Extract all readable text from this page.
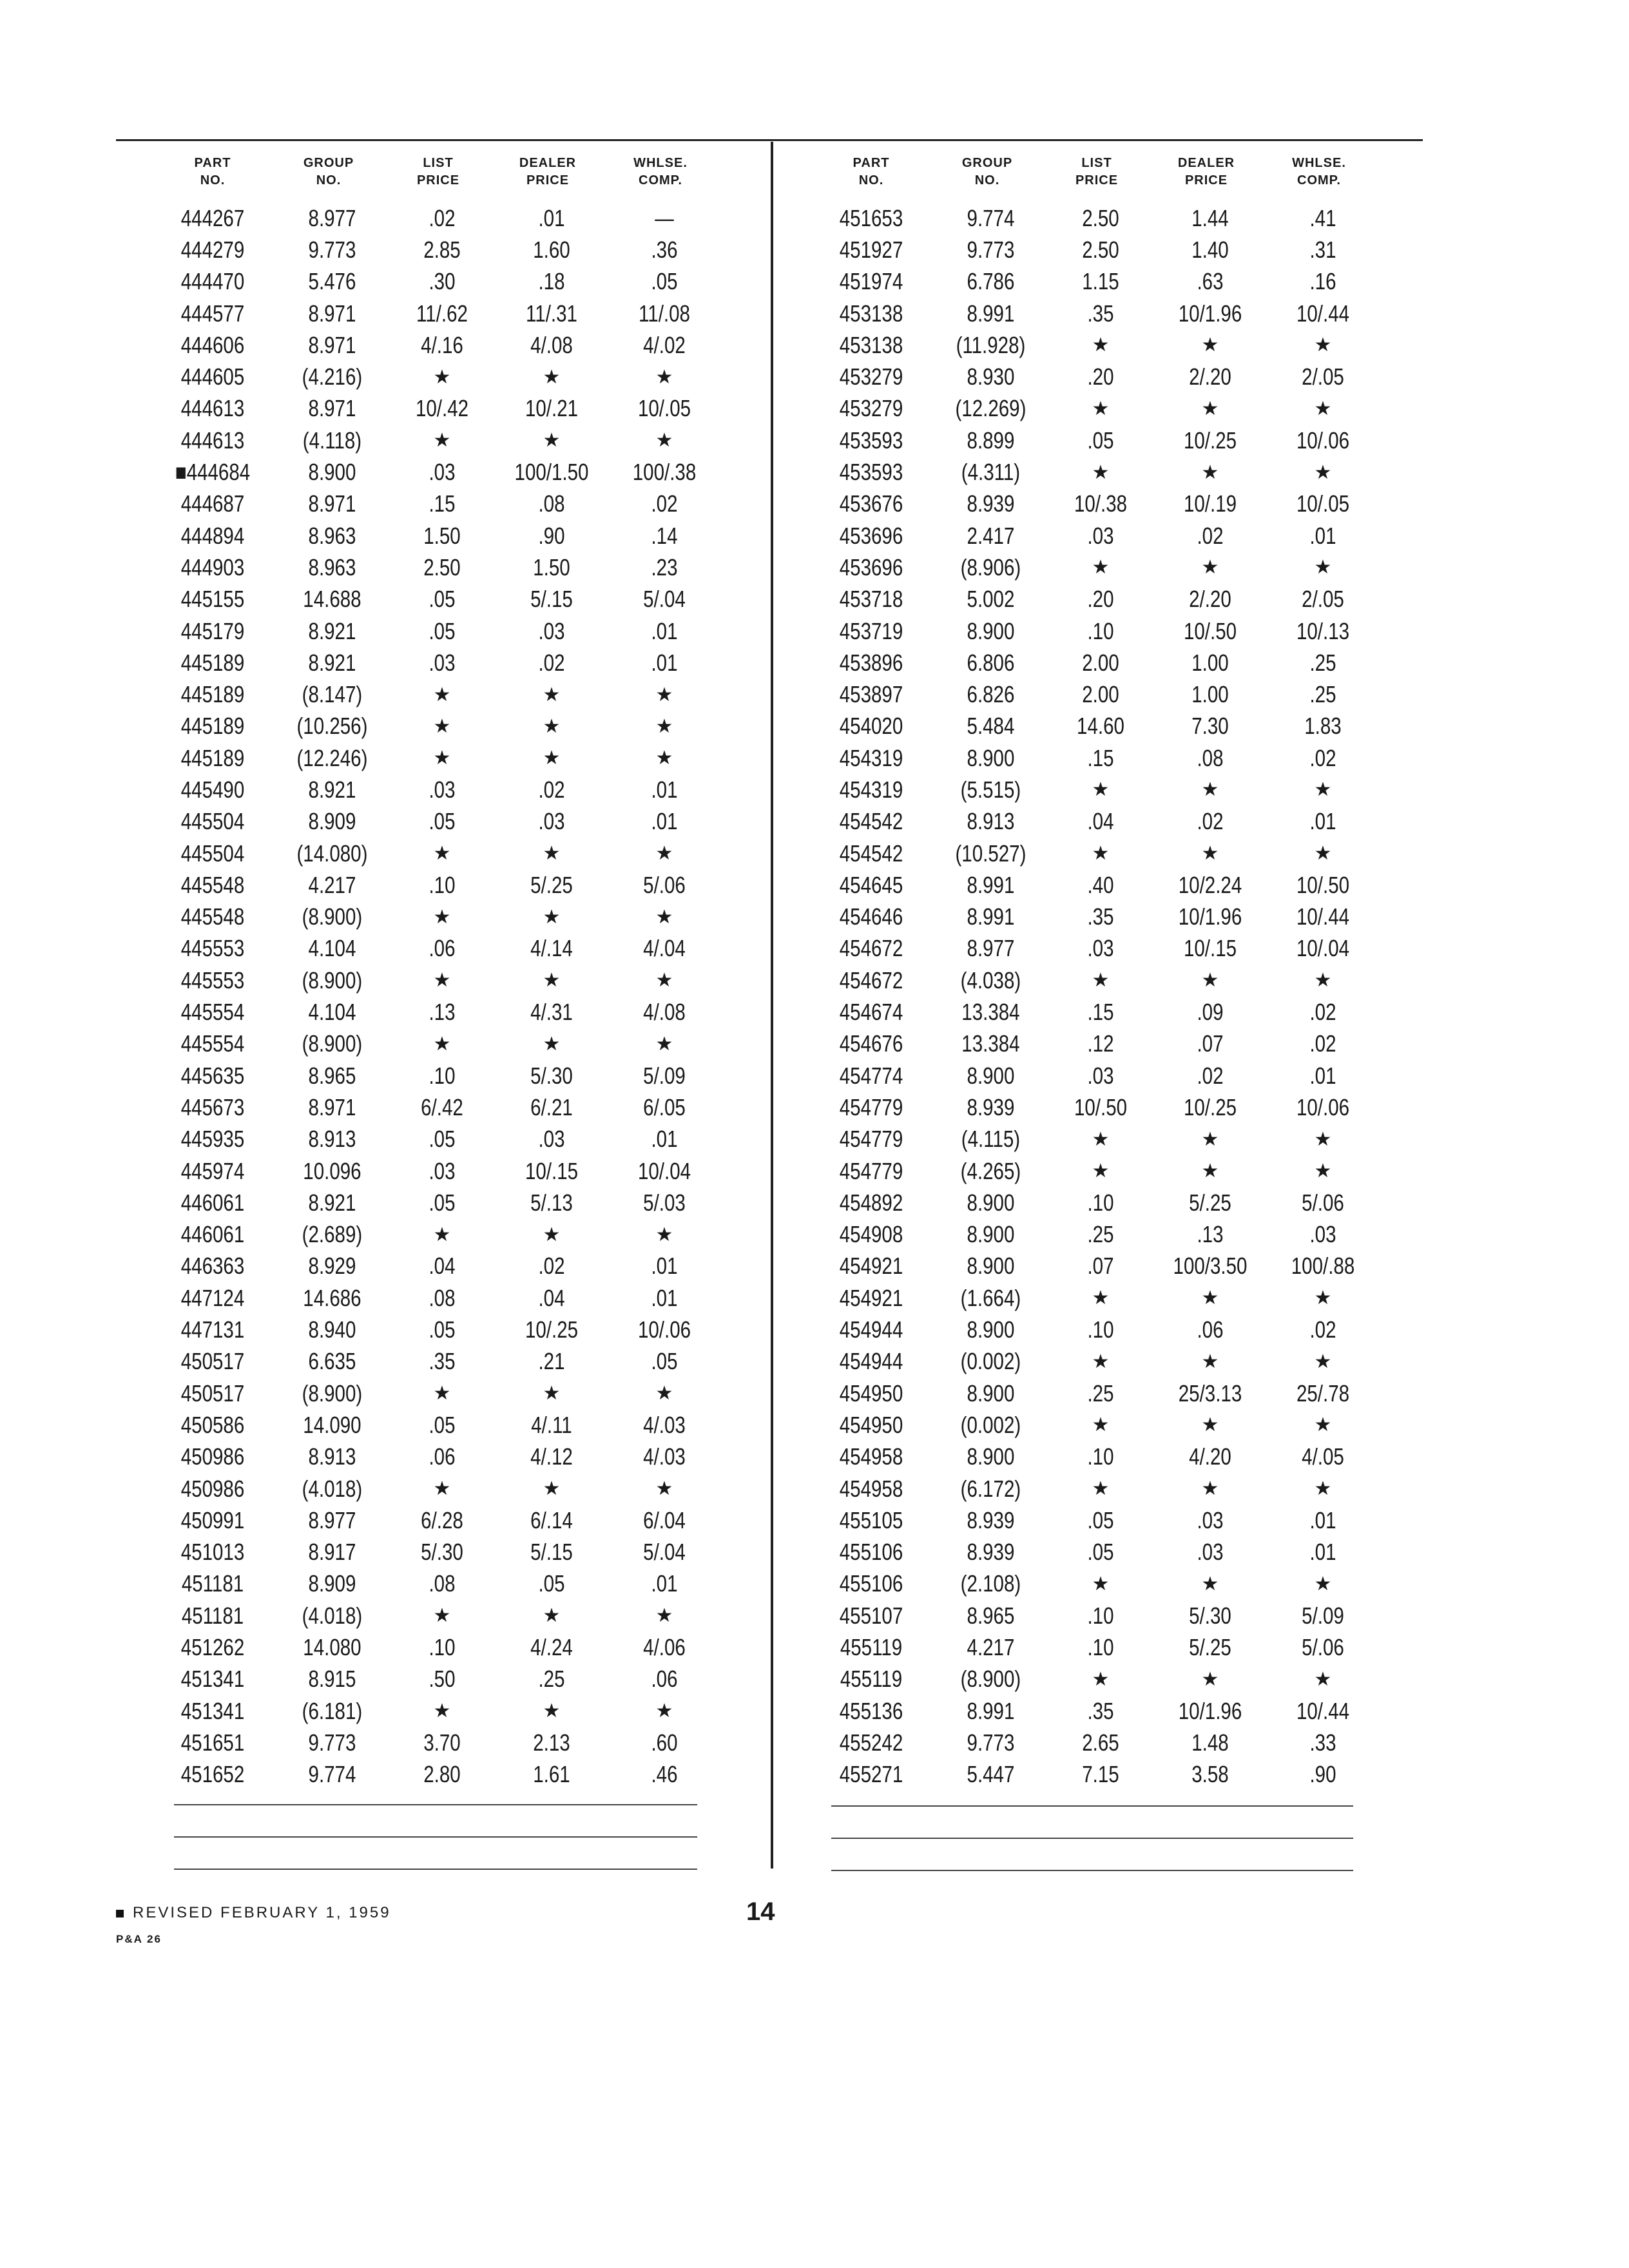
PART
NO.
GROUP
NO.
LIST
PRICE
DEALER
PRICE
WHLSE.
COMP.
444267	8.977	.02	.01	—
444279	9.773	2.85	1.60	.36
444470	5.476	.30	.18	.05
444577	8.971	11/.62	11/.31	11/.08
444606	8.971	4/.16	4/.08	4/.02
444605	(4.216)	★	★	★
444613	8.971	10/.42	10/.21	10/.05
444613	(4.118)	★	★	★
■444684	8.900	.03	100/1.50	100/.38
444687	8.971	.15	.08	.02
444894	8.963	1.50	.90	.14
444903	8.963	2.50	1.50	.23
445155	14.688	.05	5/.15	5/.04
445179	8.921	.05	.03	.01
445189	8.921	.03	.02	.01
445189	(8.147)	★	★	★
445189	(10.256)	★	★	★
445189	(12.246)	★	★	★
445490	8.921	.03	.02	.01
445504	8.909	.05	.03	.01
445504	(14.080)	★	★	★
445548	4.217	.10	5/.25	5/.06
445548	(8.900)	★	★	★
445553	4.104	.06	4/.14	4/.04
445553	(8.900)	★	★	★
445554	4.104	.13	4/.31	4/.08
445554	(8.900)	★	★	★
445635	8.965	.10	5/.30	5/.09
445673	8.971	6/.42	6/.21	6/.05
445935	8.913	.05	.03	.01
445974	10.096	.03	10/.15	10/.04
446061	8.921	.05	5/.13	5/.03
446061	(2.689)	★	★	★
446363	8.929	.04	.02	.01
447124	14.686	.08	.04	.01
447131	8.940	.05	10/.25	10/.06
450517	6.635	.35	.21	.05
450517	(8.900)	★	★	★
450586	14.090	.05	4/.11	4/.03
450986	8.913	.06	4/.12	4/.03
450986	(4.018)	★	★	★
450991	8.977	6/.28	6/.14	6/.04
451013	8.917	5/.30	5/.15	5/.04
451181	8.909	.08	.05	.01
451181	(4.018)	★	★	★
451262	14.080	.10	4/.24	4/.06
451341	8.915	.50	.25	.06
451341	(6.181)	★	★	★
451651	9.773	3.70	2.13	.60
451652	9.774	2.80	1.61	.46
PART
NO.
GROUP
NO.
LIST
PRICE
DEALER
PRICE
WHLSE.
COMP.
451653	9.774	2.50	1.44	.41
451927	9.773	2.50	1.40	.31
451974	6.786	1.15	.63	.16
453138	8.991	.35	10/1.96	10/.44
453138	(11.928)	★	★	★
453279	8.930	.20	2/.20	2/.05
453279	(12.269)	★	★	★
453593	8.899	.05	10/.25	10/.06
453593	(4.311)	★	★	★
453676	8.939	10/.38	10/.19	10/.05
453696	2.417	.03	.02	.01
453696	(8.906)	★	★	★
453718	5.002	.20	2/.20	2/.05
453719	8.900	.10	10/.50	10/.13
453896	6.806	2.00	1.00	.25
453897	6.826	2.00	1.00	.25
454020	5.484	14.60	7.30	1.83
454319	8.900	.15	.08	.02
454319	(5.515)	★	★	★
454542	8.913	.04	.02	.01
454542	(10.527)	★	★	★
454645	8.991	.40	10/2.24	10/.50
454646	8.991	.35	10/1.96	10/.44
454672	8.977	.03	10/.15	10/.04
454672	(4.038)	★	★	★
454674	13.384	.15	.09	.02
454676	13.384	.12	.07	.02
454774	8.900	.03	.02	.01
454779	8.939	10/.50	10/.25	10/.06
454779	(4.115)	★	★	★
454779	(4.265)	★	★	★
454892	8.900	.10	5/.25	5/.06
454908	8.900	.25	.13	.03
454921	8.900	.07	100/3.50	100/.88
454921	(1.664)	★	★	★
454944	8.900	.10	.06	.02
454944	(0.002)	★	★	★
454950	8.900	.25	25/3.13	25/.78
454950	(0.002)	★	★	★
454958	8.900	.10	4/.20	4/.05
454958	(6.172)	★	★	★
455105	8.939	.05	.03	.01
455106	8.939	.05	.03	.01
455106	(2.108)	★	★	★
455107	8.965	.10	5/.30	5/.09
455119	4.217	.10	5/.25	5/.06
455119	(8.900)	★	★	★
455136	8.991	.35	10/1.96	10/.44
455242	9.773	2.65	1.48	.33
455271	5.447	7.15	3.58	.90
REVISED FEBRUARY 1, 1959
P&A 26
14
